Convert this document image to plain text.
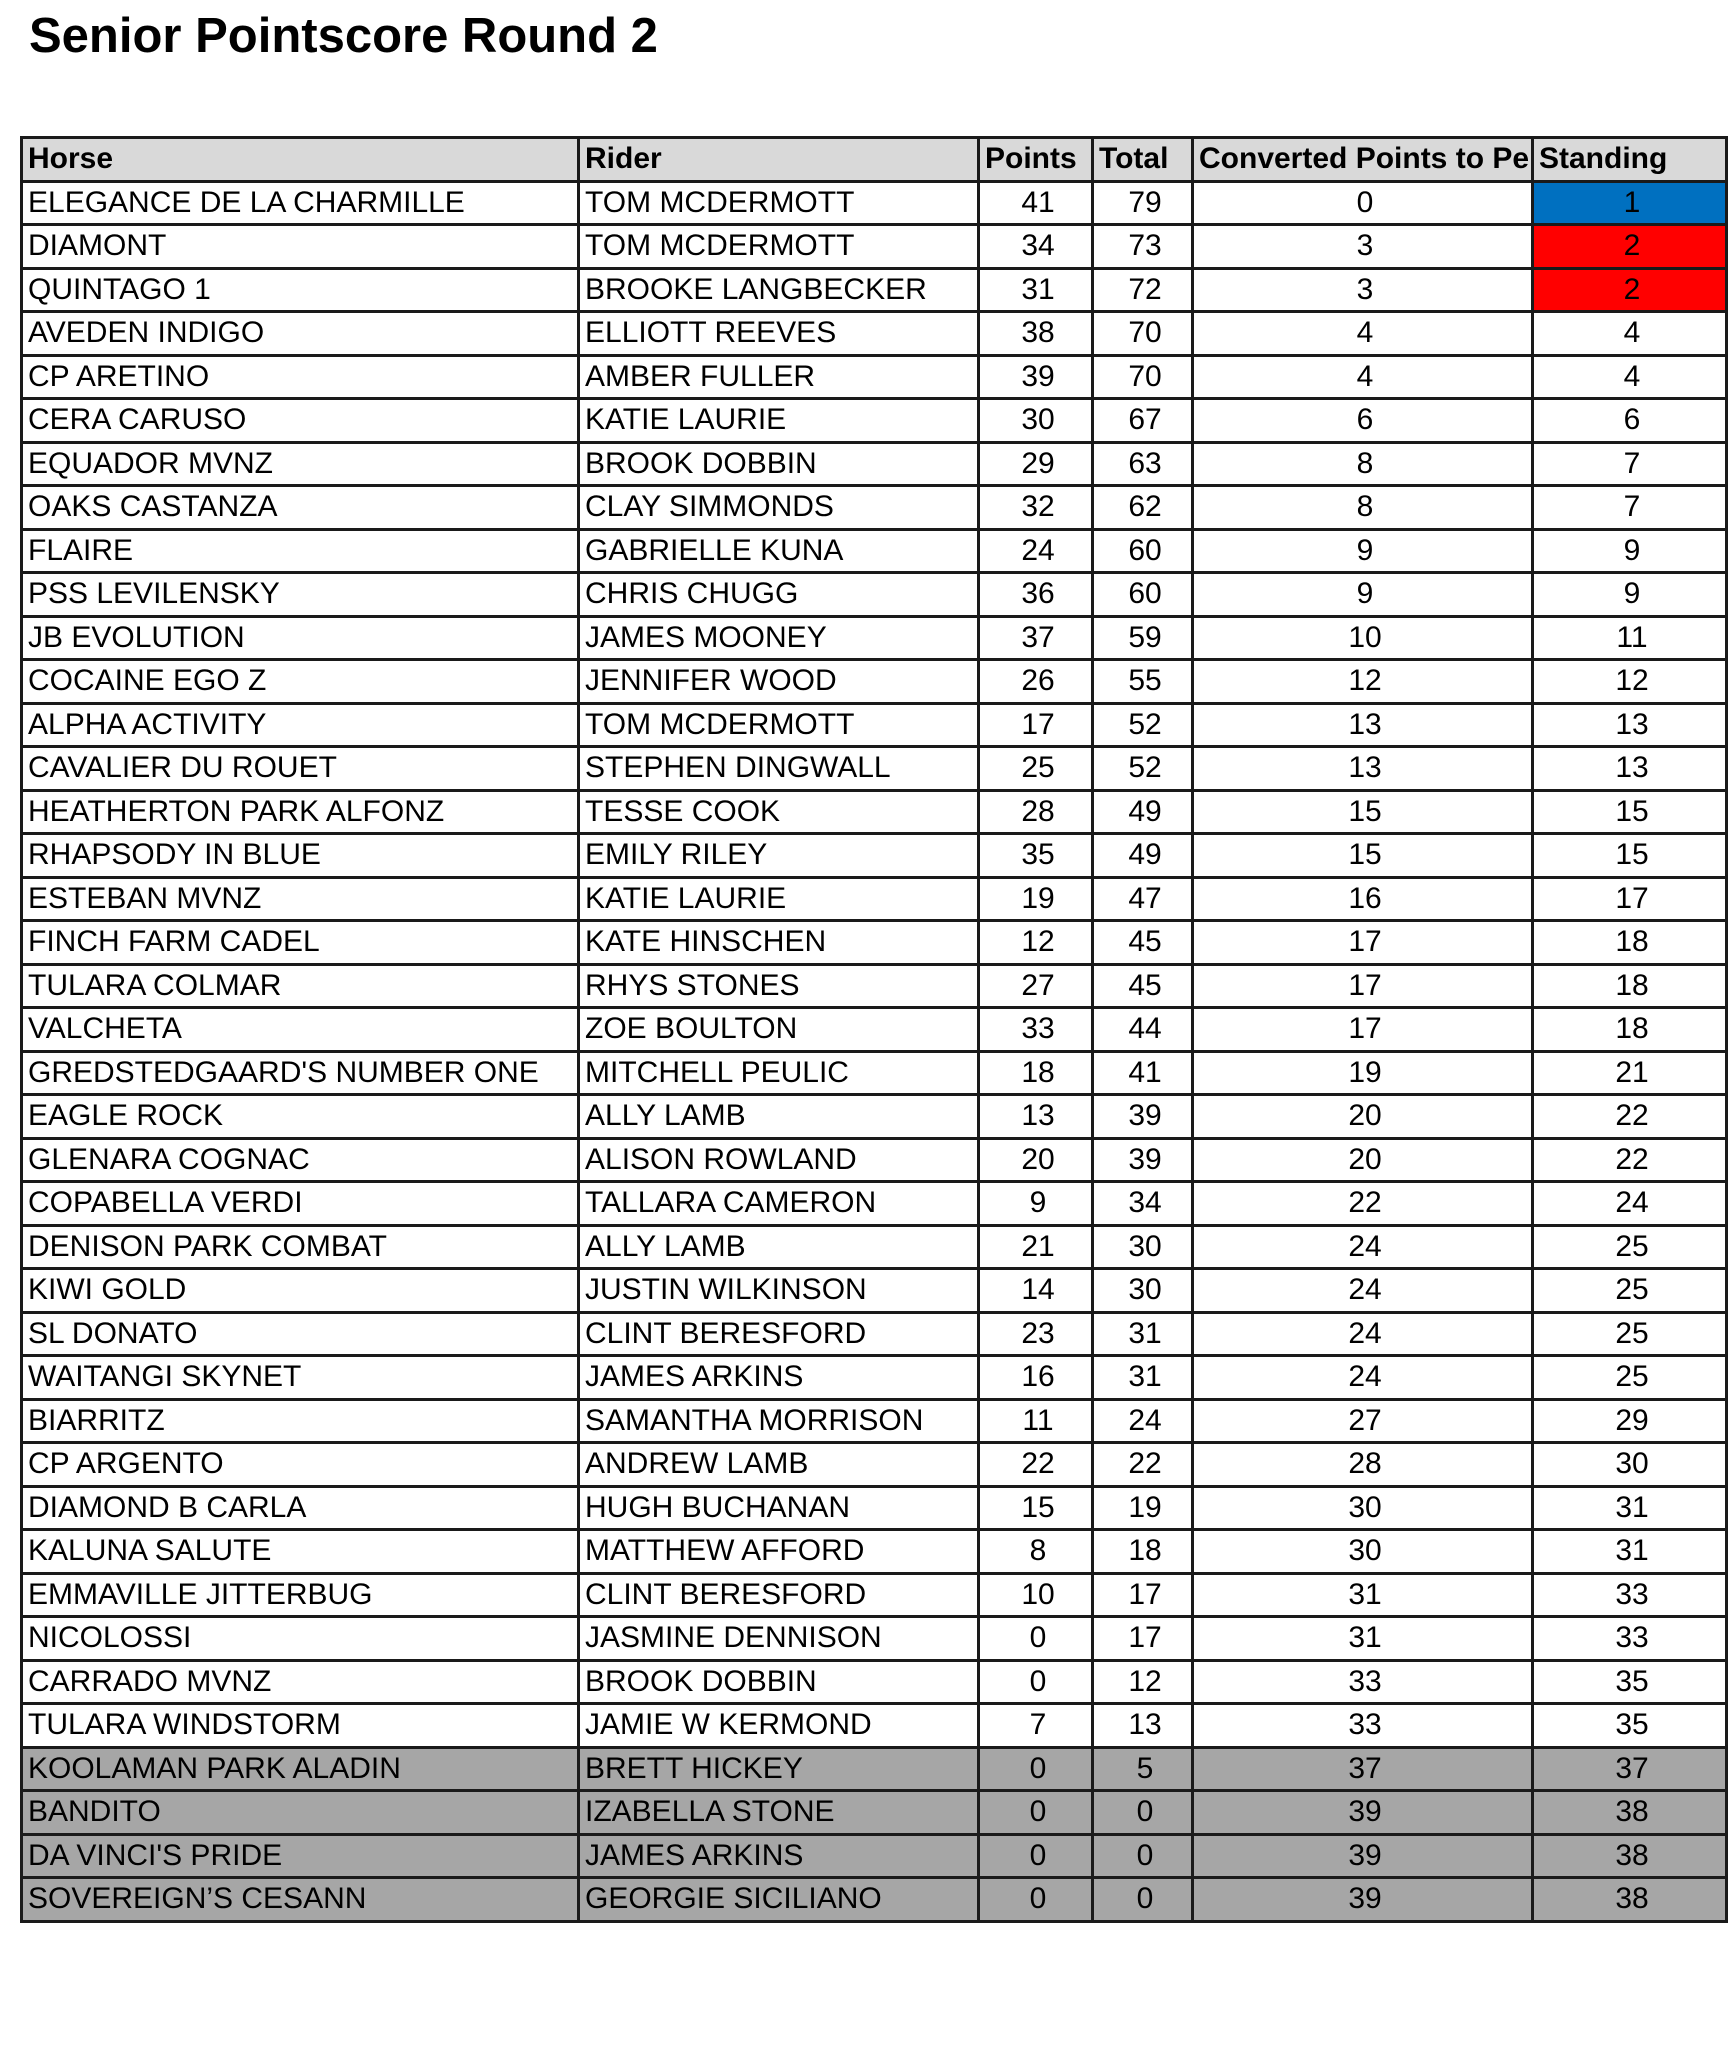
Senior Pointscore Round 2
Horse	Rider	Points	Total	Converted Points to Pe	Standing
ELEGANCE DE LA CHARMILLE	TOM MCDERMOTT	41	79	0	1
DIAMONT	TOM MCDERMOTT	34	73	3	2
QUINTAGO 1	BROOKE LANGBECKER	31	72	3	2
AVEDEN INDIGO	ELLIOTT REEVES	38	70	4	4
CP ARETINO	AMBER FULLER	39	70	4	4
CERA CARUSO	KATIE LAURIE	30	67	6	6
EQUADOR MVNZ	BROOK DOBBIN	29	63	8	7
OAKS CASTANZA	CLAY SIMMONDS	32	62	8	7
FLAIRE	GABRIELLE KUNA	24	60	9	9
PSS LEVILENSKY	CHRIS CHUGG	36	60	9	9
JB EVOLUTION	JAMES MOONEY	37	59	10	11
COCAINE EGO Z	JENNIFER WOOD	26	55	12	12
ALPHA ACTIVITY	TOM MCDERMOTT	17	52	13	13
CAVALIER DU ROUET	STEPHEN DINGWALL	25	52	13	13
HEATHERTON PARK ALFONZ	TESSE COOK	28	49	15	15
RHAPSODY IN BLUE	EMILY RILEY	35	49	15	15
ESTEBAN MVNZ	KATIE LAURIE	19	47	16	17
FINCH FARM CADEL	KATE HINSCHEN	12	45	17	18
TULARA COLMAR	RHYS STONES	27	45	17	18
VALCHETA	ZOE BOULTON	33	44	17	18
GREDSTEDGAARD'S NUMBER ONE	MITCHELL PEULIC	18	41	19	21
EAGLE ROCK	ALLY LAMB	13	39	20	22
GLENARA COGNAC	ALISON ROWLAND	20	39	20	22
COPABELLA VERDI	TALLARA CAMERON	9	34	22	24
DENISON PARK COMBAT	ALLY LAMB	21	30	24	25
KIWI GOLD	JUSTIN WILKINSON	14	30	24	25
SL DONATO	CLINT BERESFORD	23	31	24	25
WAITANGI SKYNET	JAMES ARKINS	16	31	24	25
BIARRITZ	SAMANTHA MORRISON	11	24	27	29
CP ARGENTO	ANDREW LAMB	22	22	28	30
DIAMOND B CARLA	HUGH BUCHANAN	15	19	30	31
KALUNA SALUTE	MATTHEW AFFORD	8	18	30	31
EMMAVILLE JITTERBUG	CLINT BERESFORD	10	17	31	33
NICOLOSSI	JASMINE DENNISON	0	17	31	33
CARRADO MVNZ	BROOK DOBBIN	0	12	33	35
TULARA WINDSTORM	JAMIE W KERMOND	7	13	33	35
KOOLAMAN PARK ALADIN	BRETT HICKEY	0	5	37	37
BANDITO	IZABELLA STONE	0	0	39	38
DA VINCI'S PRIDE	JAMES ARKINS	0	0	39	38
SOVEREIGN’S CESANN	GEORGIE SICILIANO	0	0	39	38
